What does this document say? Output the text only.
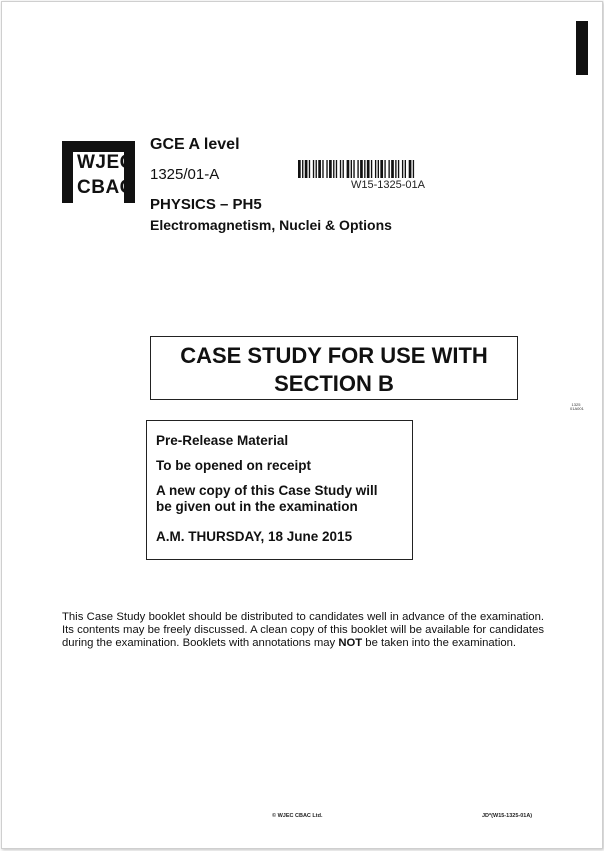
WJEC
CBAC
GCE A level
1325/01-A
PHYSICS – PH5
Electromagnetism, Nuclei & Options
W15-1325-01A
CASE STUDY FOR USE WITH
SECTION B
Pre-Release Material
To be opened on receipt
A new copy of this Case Study will
be given out in the examination
A.M. THURSDAY, 18 June 2015
1325
01A001
This Case Study booklet should be distributed to candidates well in advance of the examination. Its contents may be freely discussed. A clean copy of this booklet will be available for candidates during the examination. Booklets with annotations may NOT be taken into the examination.
© WJEC CBAC Ltd.	JD*(W15-1325-01A)
